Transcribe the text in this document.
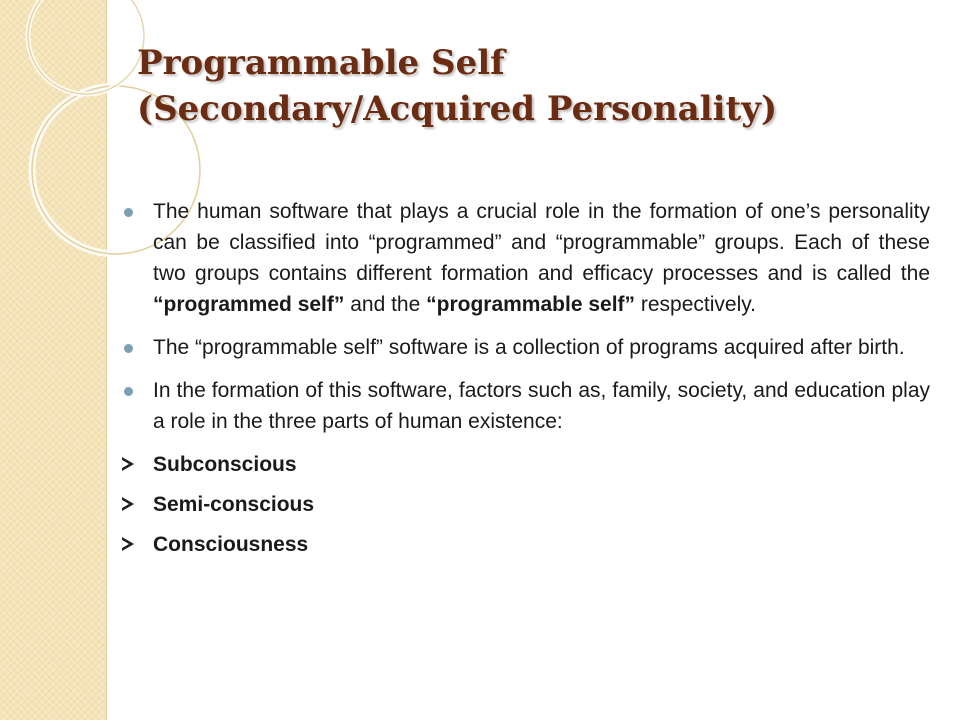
Programmable Self
(Secondary/Acquired Personality)

The human software that plays a crucial role in the formation of one’s personality can be classified into “programmed” and “programmable” groups. Each of these two groups contains different formation and efficacy processes and is called the “programmed self” and the “programmable self” respectively.

The “programmable self” software is a collection of programs acquired after birth.

In the formation of this software, factors such as, family, society, and education play a role in the three parts of human existence:

Subconscious
Semi-conscious
Consciousness
